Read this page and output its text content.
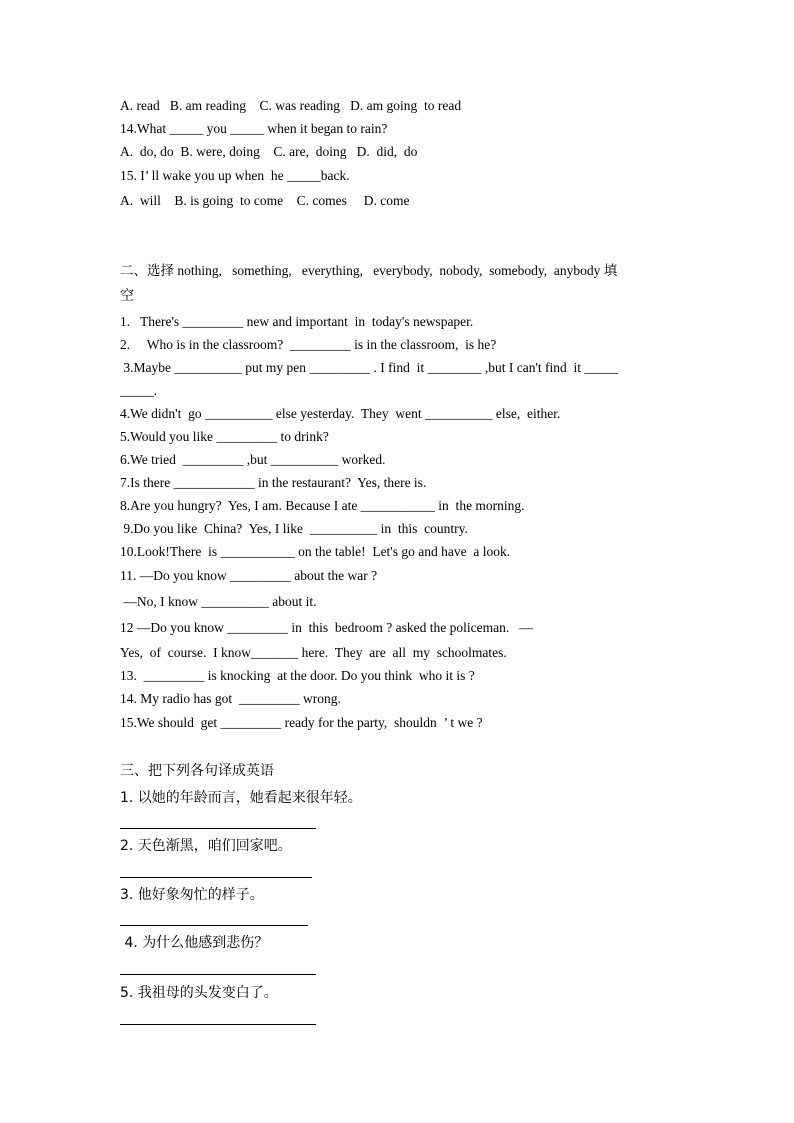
A. read   B. am reading    C. was reading   D. am going  to read
14.What _____ you _____ when it began to rain?
A.  do, do  B. were, doing    C. are,  doing   D.  did,  do
15. I’ ll wake you up when  he _____back.
A.  will    B. is going  to come    C. comes     D. come
二、选择 nothing,   something,   everything,   everybody,  nobody,  somebody,  anybody 填
空
1.   There's _________ new and important  in  today's newspaper.
2.     Who is in the classroom?  _________ is in the classroom,  is he?
3.Maybe __________ put my pen _________ . I find  it ________ ,but I can't find  it _____
_____.
4.We didn't  go __________ else yesterday.  They  went __________ else,  either.
5.Would you like _________ to drink?
6.We tried  _________ ,but __________ worked.
7.Is there ____________ in the restaurant?  Yes, there is.
8.Are you hungry?  Yes, I am. Because I ate ___________ in  the morning.
9.Do you like  China?  Yes, I like  __________ in  this  country.
10.Look!There  is ___________ on the table!  Let's go and have  a look.
11. —Do you know _________ about the war ?
—No, I know __________ about it.
12 —Do you know _________ in  this  bedroom ? asked the policeman.   —
Yes,  of  course.  I know_______ here.  They  are  all  my  schoolmates.
13.  _________ is knocking  at the door. Do you think  who it is ?
14. My radio has got  _________ wrong.
15.We should  get _________ ready for the party,  shouldn  ’ t we ?
三、把下列各句译成英语
1. 以她的年龄而言，她看起来很年轻。
2. 天色渐黑，咱们回家吧。
3. 他好象匆忙的样子。
4. 为什么他感到悲伤？
5. 我祖母的头发变白了。
